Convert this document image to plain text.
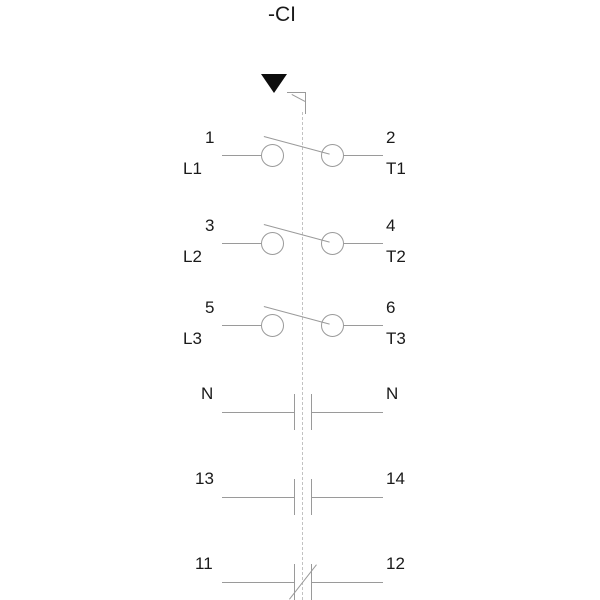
-CI
1
L1
2
T1
3
L2
4
T2
5
L3
6
T3
N	N
13	14
11	12
